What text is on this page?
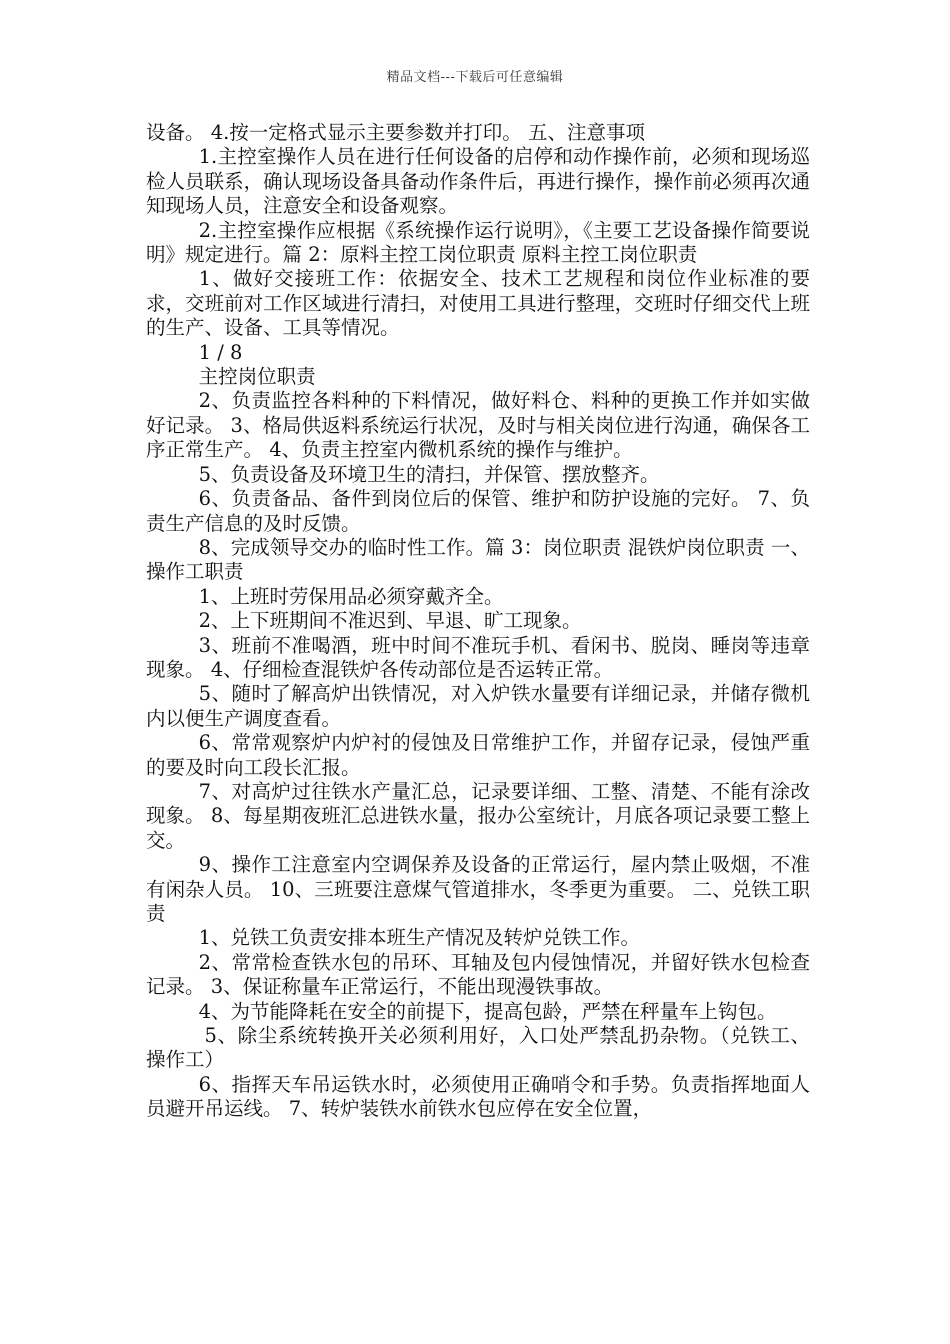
精品文档---下载后可任意编辑

设备。 4.按一定格式显示主要参数并打印。 五、注意事项

1.主控室操作人员在进行任何设备的启停和动作操作前，必须和现场巡检人员联系，确认现场设备具备动作条件后，再进行操作，操作前必须再次通知现场人员，注意安全和设备观察。

2.主控室操作应根据《系统操作运行说明》，《主要工艺设备操作简要说明》规定进行。篇 2：原料主控工岗位职责 原料主控工岗位职责

1、做好交接班工作：依据安全、技术工艺规程和岗位作业标准的要求，交班前对工作区域进行清扫，对使用工具进行整理，交班时仔细交代上班的生产、设备、工具等情况。

1 / 8

主控岗位职责

2、负责监控各料种的下料情况，做好料仓、料种的更换工作并如实做好记录。 3、格局供返料系统运行状况，及时与相关岗位进行沟通，确保各工序正常生产。 4、负责主控室内微机系统的操作与维护。

5、负责设备及环境卫生的清扫，并保管、摆放整齐。

6、负责备品、备件到岗位后的保管、维护和防护设施的完好。 7、负责生产信息的及时反馈。

8、完成领导交办的临时性工作。篇 3：岗位职责 混铁炉岗位职责 一、操作工职责

1、上班时劳保用品必须穿戴齐全。

2、上下班期间不准迟到、早退、旷工现象。

3、班前不准喝酒，班中时间不准玩手机、看闲书、脱岗、睡岗等违章现象。 4、仔细检查混铁炉各传动部位是否运转正常。

5、随时了解高炉出铁情况，对入炉铁水量要有详细记录，并储存微机内以便生产调度查看。

6、常常观察炉内炉衬的侵蚀及日常维护工作，并留存记录，侵蚀严重的要及时向工段长汇报。

7、对高炉过往铁水产量汇总，记录要详细、工整、清楚、不能有涂改现象。 8、每星期夜班汇总进铁水量，报办公室统计，月底各项记录要工整上交。

9、操作工注意室内空调保养及设备的正常运行，屋内禁止吸烟，不准有闲杂人员。 10、三班要注意煤气管道排水，冬季更为重要。 二、兑铁工职责

1、兑铁工负责安排本班生产情况及转炉兑铁工作。

2、常常检查铁水包的吊环、耳轴及包内侵蚀情况，并留好铁水包检查记录。 3、保证称量车正常运行，不能出现漫铁事故。

4、为节能降耗在安全的前提下，提高包龄，严禁在秤量车上钩包。

5、除尘系统转换开关必须利用好，入口处严禁乱扔杂物。（兑铁工、操作工）

6、指挥天车吊运铁水时，必须使用正确哨令和手势。负责指挥地面人员避开吊运线。 7、转炉装铁水前铁水包应停在安全位置，
